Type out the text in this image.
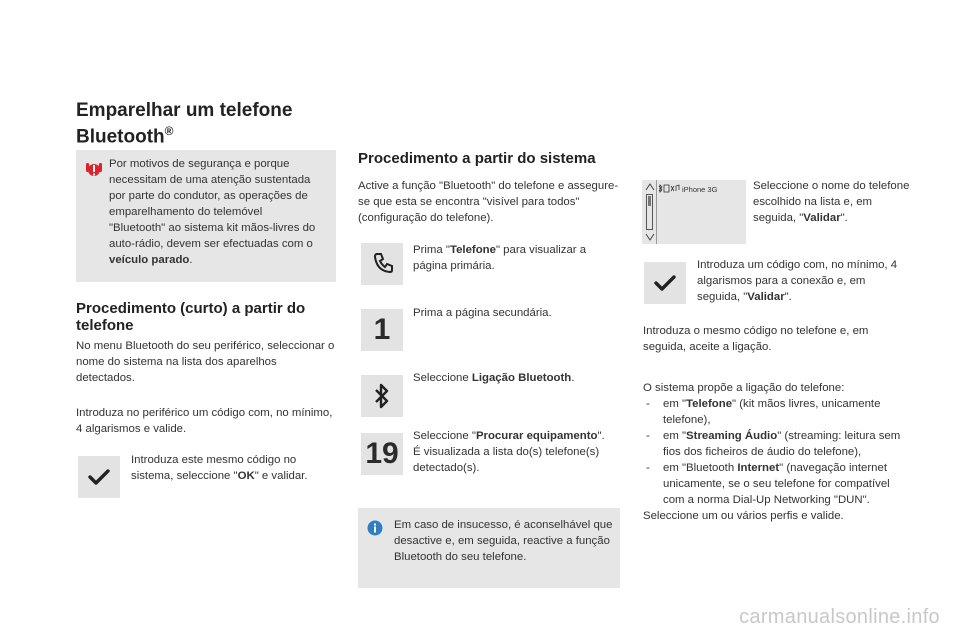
Emparelhar um telefone
Bluetooth®
Por motivos de segurança e porque necessitam de uma atenção sustentada por parte do condutor, as operações de emparelhamento do telemóvel "Bluetooth" ao sistema kit mãos-livres do auto-rádio, devem ser efectuadas com o veículo parado.
Procedimento (curto) a partir do telefone
No menu Bluetooth do seu periférico, seleccionar o nome do sistema na lista dos aparelhos detectados.
Introduza no periférico um código com, no mínimo, 4 algarismos e valide.
Introduza este mesmo código no sistema, seleccione "OK" e validar.
Procedimento a partir do sistema
Active a função "Bluetooth" do telefone e assegure-se que esta se encontra "visível para todos" (configuração do telefone).
Prima "Telefone" para visualizar a página primária.
1	Prima a página secundária.
Seleccione Ligação Bluetooth.
19
Seleccione "Procurar equipamento".
É visualizada a lista do(s) telefone(s) detectado(s).
Em caso de insucesso, é aconselhável que desactive e, em seguida, reactive a função Bluetooth do seu telefone.
iPhone 3G	Seleccione o nome do telefone escolhido na lista e, em seguida, "Validar".
Introduza um código com, no mínimo, 4 algarismos para a conexão e, em seguida, "Validar".
Introduza o mesmo código no telefone e, em seguida, aceite a ligação.
O sistema propõe a ligação do telefone:
- em "Telefone" (kit mãos livres, unicamente telefone),
- em "Streaming Áudio" (streaming: leitura sem fios dos ficheiros de áudio do telefone),
- em "Bluetooth Internet" (navegação internet unicamente, se o seu telefone for compatível com a norma Dial-Up Networking "DUN".
Seleccione um ou vários perfis e valide.
carmanualsonline.info
